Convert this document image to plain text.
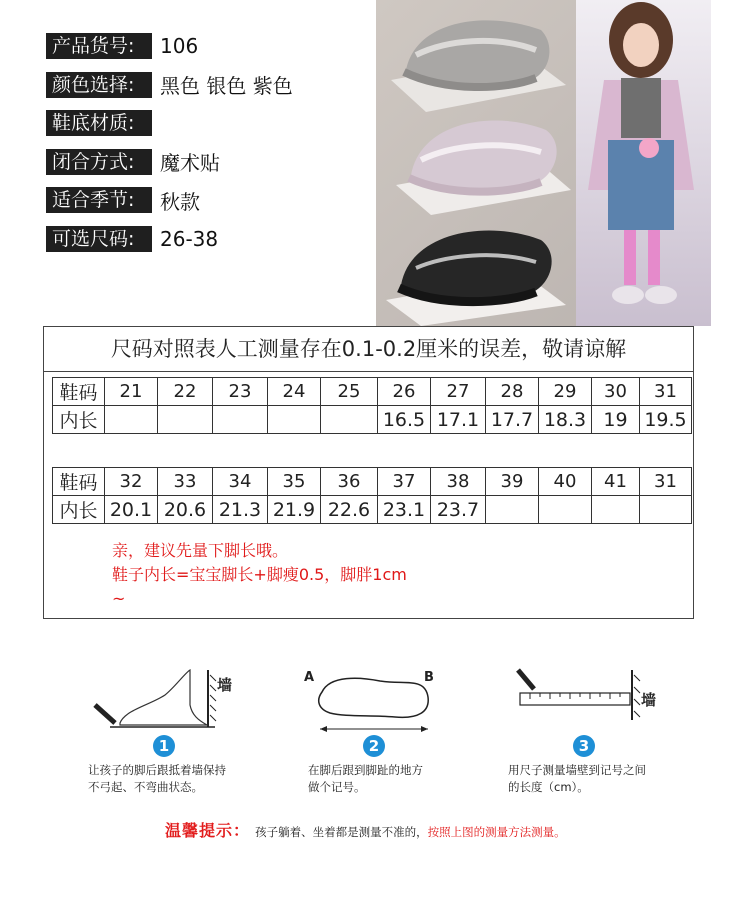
产品货号:	106
颜色选择:	黑色 银色 紫色
鞋底材质:
闭合方式:	魔术贴
适合季节:	秋款
可选尺码:	26-38
尺码对照表人工测量存在0.1-0.2厘米的误差，敬请谅解
鞋码	21	22	23	24	25	26	27	28	29	30	31
内长						16.5	17.1	17.7	18.3	19	19.5
鞋码	32	33	34	35	36	37	38	39	40	41	31
内长	20.1	20.6	21.3	21.9	22.6	23.1	23.7				
亲，建议先量下脚长哦。
鞋子内长=宝宝脚长+脚瘦0.5，脚胖1cm
~
墙
1
让孩子的脚后跟抵着墙保持
不弓起、不弯曲状态。
A	B
2
在脚后跟到脚趾的地方
做个记号。
墙
3
用尺子测量墙壁到记号之间
的长度（cm）。
温馨提示： 孩子躺着、坐着都是测量不准的，按照上图的测量方法测量。
